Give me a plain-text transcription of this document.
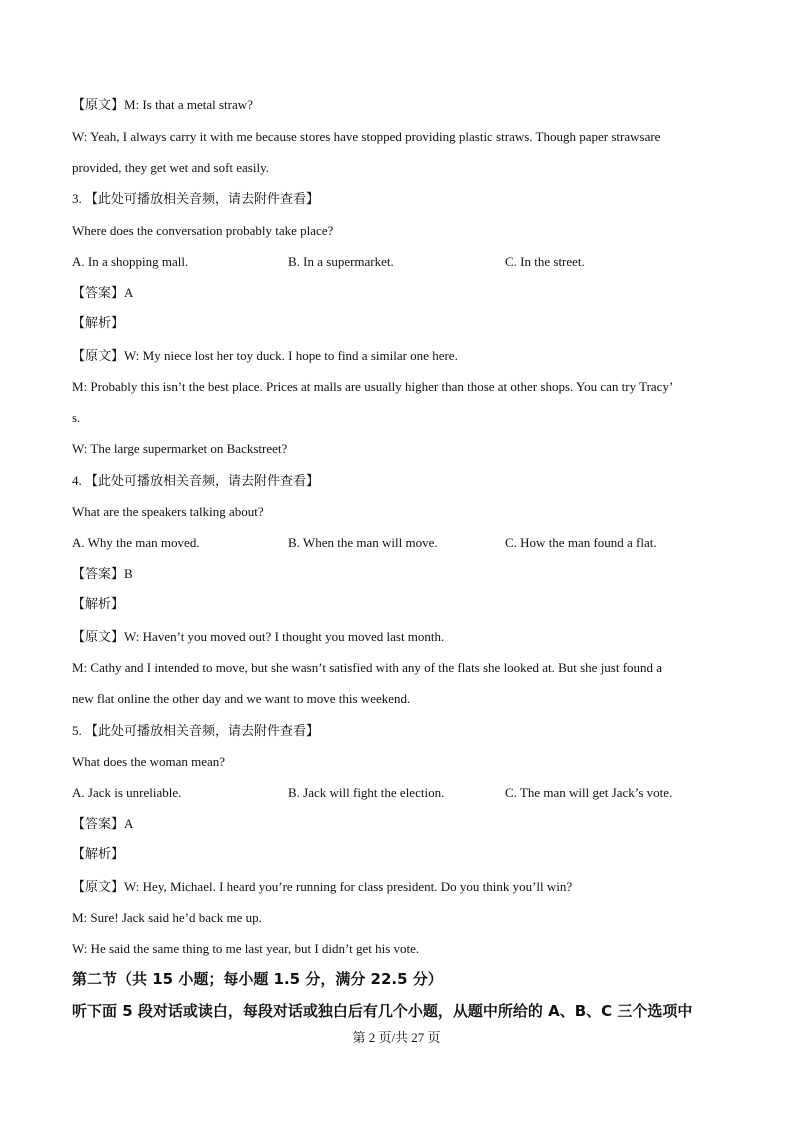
【原文】M: Is that a metal straw?
W: Yeah, I always carry it with me because stores have stopped providing plastic straws. Though paper strawsare
provided, they get wet and soft easily.
3. 【此处可播放相关音频，请去附件查看】
Where does the conversation probably take place?
A. In a shopping mall.	B. In a supermarket.	C. In the street.
【答案】A
【解析】
【原文】W: My niece lost her toy duck. I hope to find a similar one here.
M: Probably this isn’t the best place. Prices at malls are usually higher than those at other shops. You can try Tracy’
s.
W: The large supermarket on Backstreet?
4. 【此处可播放相关音频，请去附件查看】
What are the speakers talking about?
A. Why the man moved.	B. When the man will move.	C. How the man found a flat.
【答案】B
【解析】
【原文】W: Haven’t you moved out? I thought you moved last month.
M: Cathy and I intended to move, but she wasn’t satisfied with any of the flats she looked at. But she just found a
new flat online the other day and we want to move this weekend.
5. 【此处可播放相关音频，请去附件查看】
What does the woman mean?
A. Jack is unreliable.	B. Jack will fight the election.	C. The man will get Jack’s vote.
【答案】A
【解析】
【原文】W: Hey, Michael. I heard you’re running for class president. Do you think you’ll win?
M: Sure! Jack said he’d back me up.
W: He said the same thing to me last year, but I didn’t get his vote.
第二节（共 15 小题；每小题 1.5 分，满分 22.5 分）
听下面 5 段对话或读白，每段对话或独白后有几个小题，从题中所给的 A、B、C 三个选项中
第 2 页/共 27 页
